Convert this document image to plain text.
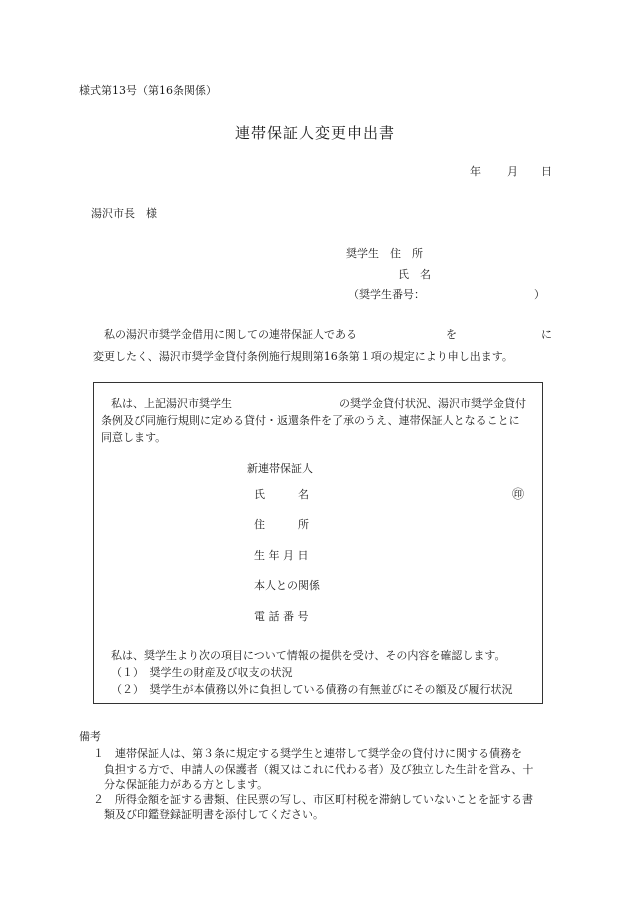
様式第13号（第16条関係）
連帯保証人変更申出書
年 月 日
湯沢市長　様
奨学生　住　所
氏　名
（奨学生番号：	）
私の湯沢市奨学金借用に関しての連帯保証人である	を	に
変更したく、湯沢市奨学金貸付条例施行規則第16条第１項の規定により申し出ます。
私は、上記湯沢市奨学生	の奨学金貸付状況、湯沢市奨学金貸付
条例及び同施行規則に定める貸付・返還条件を了承のうえ、連帯保証人となることに
同意します。
新連帯保証人
氏　　　名	㊞
住　　　所
生 年 月 日
本人との関係
電 話 番 号
私は、奨学生より次の項目について情報の提供を受け、その内容を確認します。
（１）　奨学生の財産及び収支の状況
（２）　奨学生が本債務以外に負担している債務の有無並びにその額及び履行状況
備考
１　連帯保証人は、第３条に規定する奨学生と連帯して奨学金の貸付けに関する債務を
負担する方で、申請人の保護者（親又はこれに代わる者）及び独立した生計を営み、十
分な保証能力がある方とします。
２　所得金額を証する書類、住民票の写し、市区町村税を滞納していないことを証する書
類及び印鑑登録証明書を添付してください。
